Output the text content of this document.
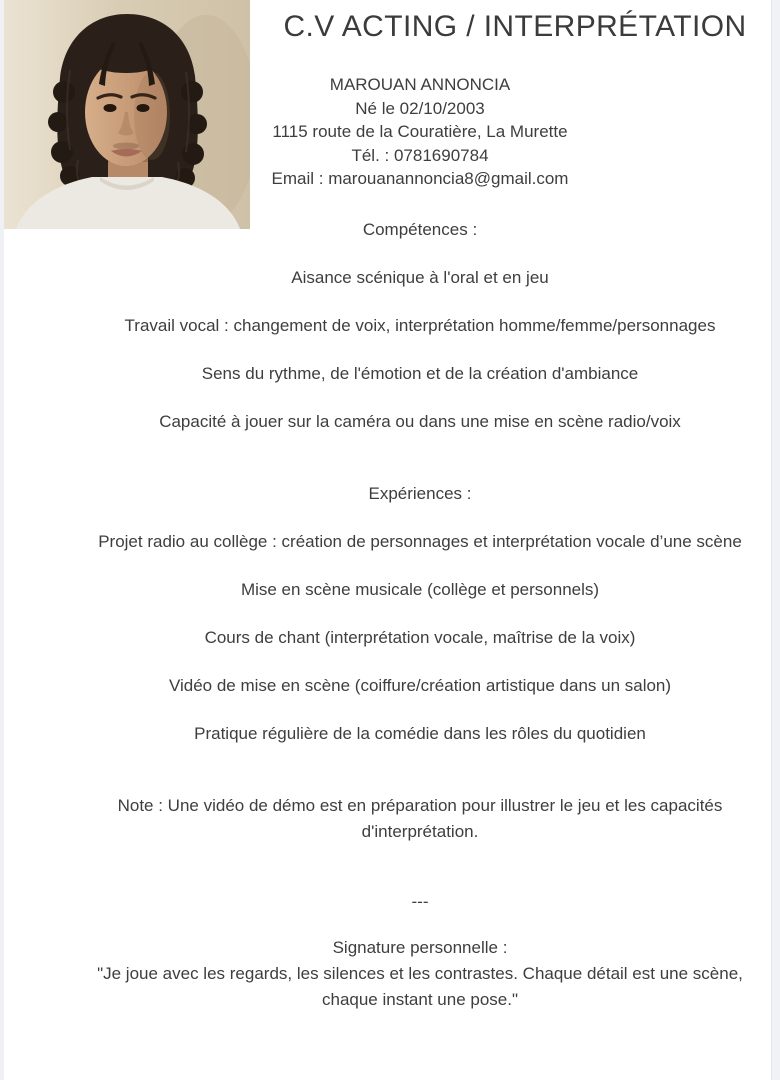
C.V ACTING / INTERPRÉTATION

MAROUAN ANNONCIA

Né le 02/10/2003

1115 route de la Couratière, La Murette

Tél. : 0781690784

Email : marouanannoncia8@gmail.com

Compétences :

Aisance scénique à l'oral et en jeu

Travail vocal : changement de voix, interprétation homme/femme/personnages

Sens du rythme, de l'émotion et de la création d'ambiance

Capacité à jouer sur la caméra ou dans une mise en scène radio/voix

Expériences :

Projet radio au collège : création de personnages et interprétation vocale d’une scène

Mise en scène musicale (collège et personnels)

Cours de chant (interprétation vocale, maîtrise de la voix)

Vidéo de mise en scène (coiffure/création artistique dans un salon)

Pratique régulière de la comédie dans les rôles du quotidien

Note : Une vidéo de démo est en préparation pour illustrer le jeu et les capacités d'interprétation.

---

Signature personnelle :

"Je joue avec les regards, les silences et les contrastes. Chaque détail est une scène, chaque instant une pose."
